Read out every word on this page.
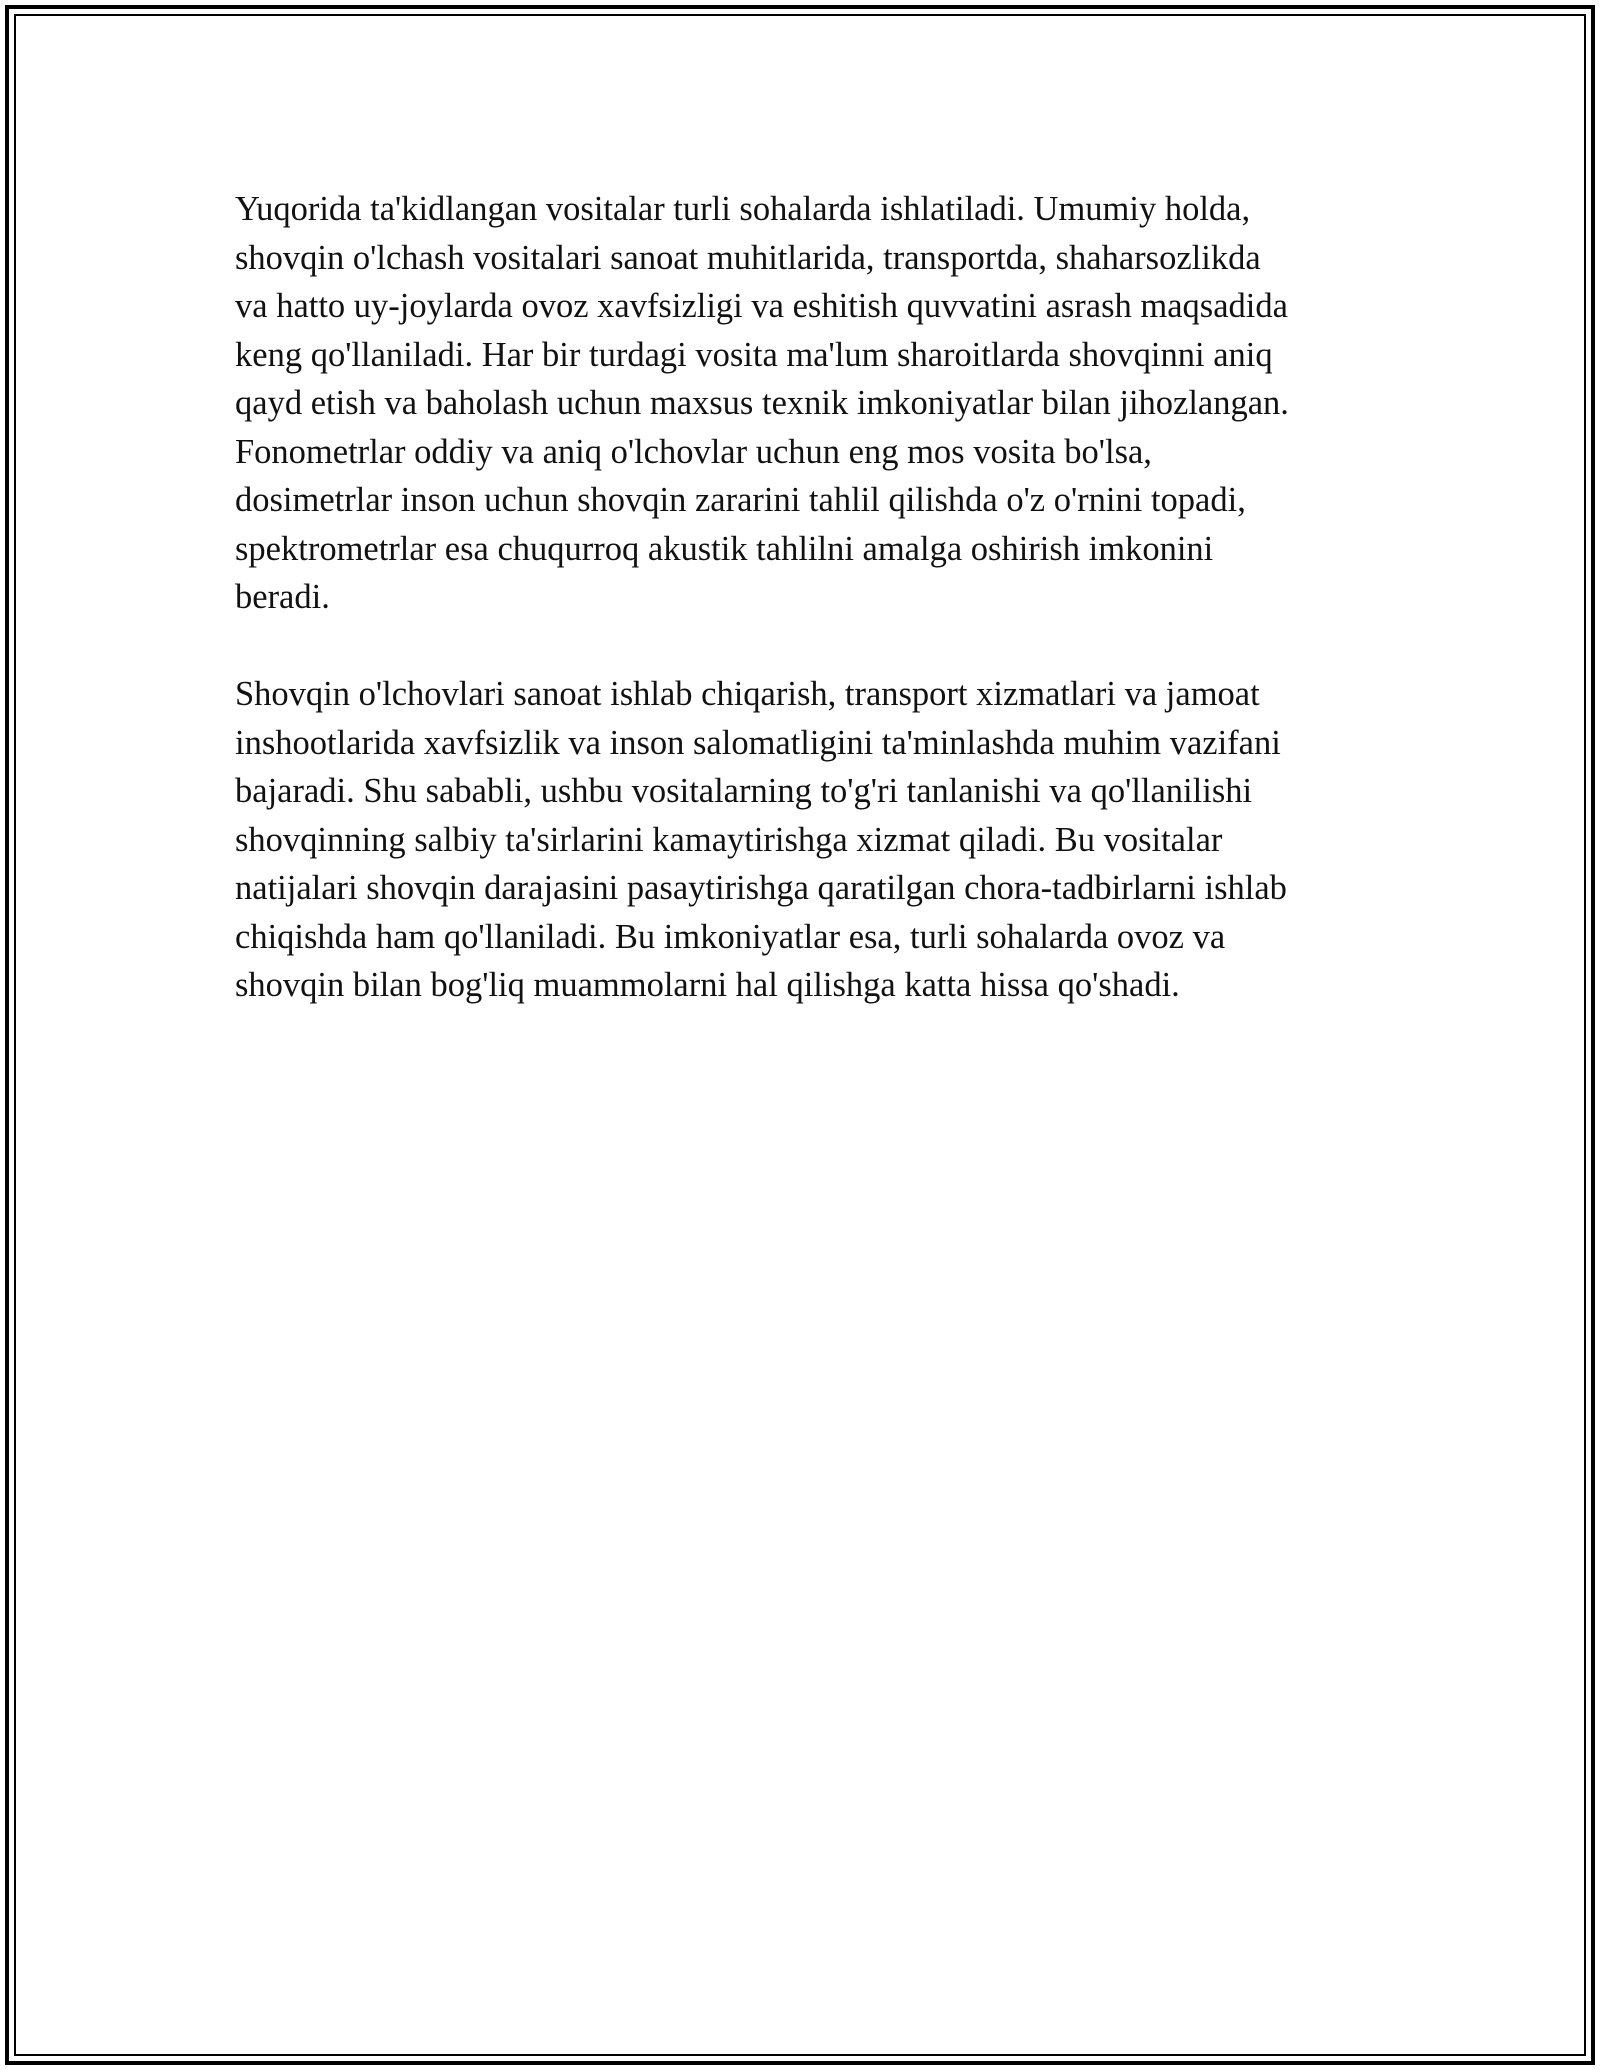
Yuqorida ta'kidlangan vositalar turli sohalarda ishlatiladi. Umumiy holda,
shovqin o'lchash vositalari sanoat muhitlarida, transportda, shaharsozlikda
va hatto uy-joylarda ovoz xavfsizligi va eshitish quvvatini asrash maqsadida
keng qo'llaniladi. Har bir turdagi vosita ma'lum sharoitlarda shovqinni aniq
qayd etish va baholash uchun maxsus texnik imkoniyatlar bilan jihozlangan.
Fonometrlar oddiy va aniq o'lchovlar uchun eng mos vosita bo'lsa,
dosimetrlar inson uchun shovqin zararini tahlil qilishda o'z o'rnini topadi,
spektrometrlar esa chuqurroq akustik tahlilni amalga oshirish imkonini
beradi.

Shovqin o'lchovlari sanoat ishlab chiqarish, transport xizmatlari va jamoat
inshootlarida xavfsizlik va inson salomatligini ta'minlashda muhim vazifani
bajaradi. Shu sababli, ushbu vositalarning to'g'ri tanlanishi va qo'llanilishi
shovqinning salbiy ta'sirlarini kamaytirishga xizmat qiladi. Bu vositalar
natijalari shovqin darajasini pasaytirishga qaratilgan chora-tadbirlarni ishlab
chiqishda ham qo'llaniladi. Bu imkoniyatlar esa, turli sohalarda ovoz va
shovqin bilan bog'liq muammolarni hal qilishga katta hissa qo'shadi.
